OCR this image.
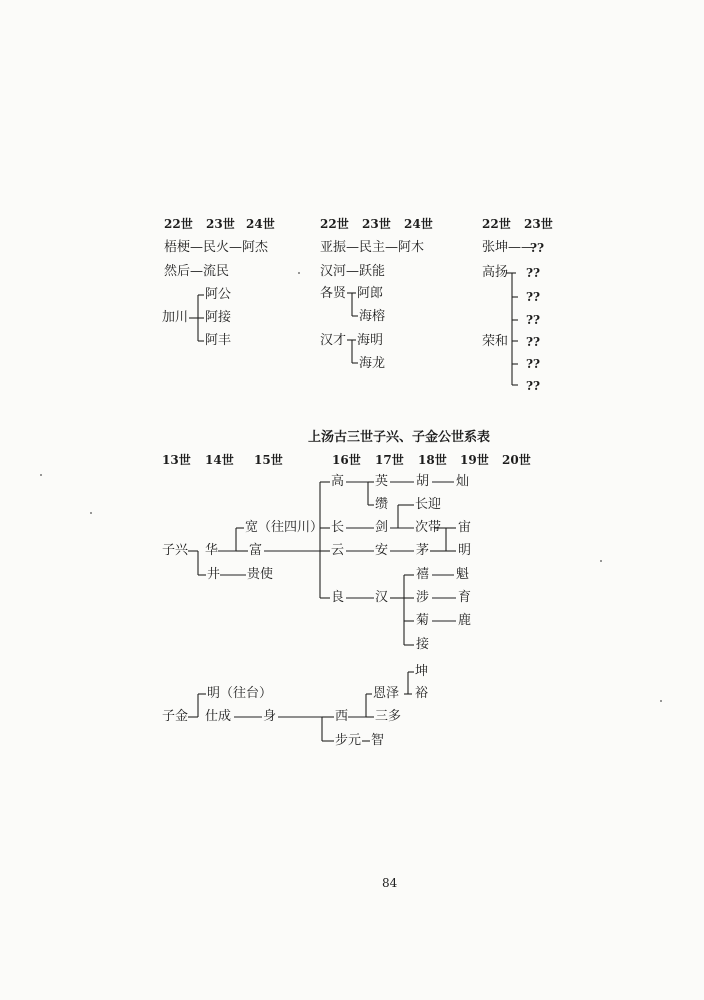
22世 23世 24世
梧梗—民火—阿杰
然后—流民
加川
阿公
阿接
阿丰
22世 23世 24世
亚振—民主—阿木
汉河—跃能
各贤 阿郎
海榕
汉才 海明
海龙
22世 23世
张坤——
??
高扬 ??
??
??
荣和 ??
??
??
上汤古三世子兴、子金公世系表
13世 14世 15世	16世 17世 18世 19世 20世
子兴 华
井
宽（往四川）
富
贵使
高
长
云
良
英
缵
剑
安
汉
胡
长迎
次带
茅
禧
涉
菊
接
灿
宙
明
魁
育
鹿
子金
明（往台）
仕成 身	西
步元
恩泽
三多
智
坤
裕
84
